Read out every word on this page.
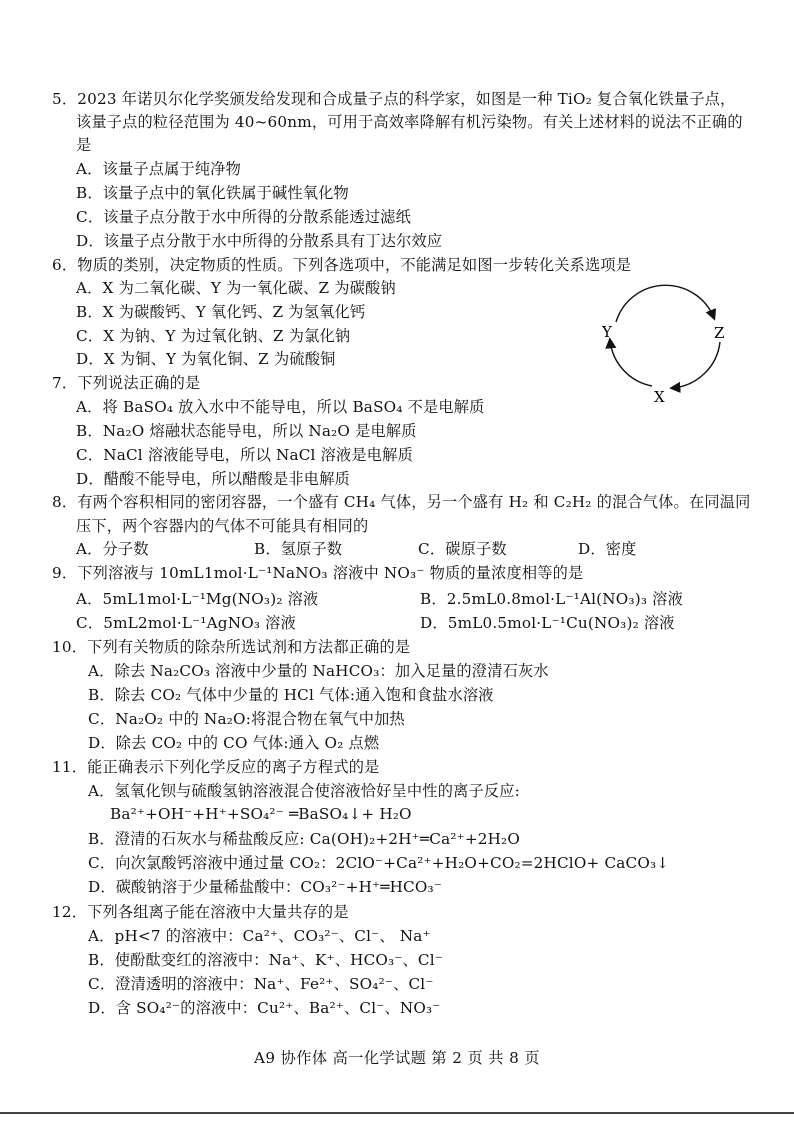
5．2023 年诺贝尔化学奖颁发给发现和合成量子点的科学家，如图是一种 TiO₂ 复合氧化铁量子点，
该量子点的粒径范围为 40~60nm，可用于高效率降解有机污染物。有关上述材料的说法不正确的
是
A．该量子点属于纯净物
B．该量子点中的氧化铁属于碱性氧化物
C．该量子点分散于水中所得的分散系能透过滤纸
D．该量子点分散于水中所得的分散系具有丁达尔效应
6．物质的类别，决定物质的性质。下列各选项中，不能满足如图一步转化关系选项是
A．X 为二氧化碳、Y 为一氧化碳、Z 为碳酸钠
B．X 为碳酸钙、Y 氧化钙、Z 为氢氧化钙
C．X 为钠、Y 为过氧化钠、Z 为氯化钠
D．X 为铜、Y 为氧化铜、Z 为硫酸铜
Y	Z
X
7．下列说法正确的是
A．将 BaSO₄ 放入水中不能导电，所以 BaSO₄ 不是电解质
B．Na₂O 熔融状态能导电，所以 Na₂O 是电解质
C．NaCl 溶液能导电，所以 NaCl 溶液是电解质
D．醋酸不能导电，所以醋酸是非电解质
8．有两个容积相同的密闭容器，一个盛有 CH₄ 气体，另一个盛有 H₂ 和 C₂H₂ 的混合气体。在同温同
压下，两个容器内的气体不可能具有相同的
A．分子数	B．氢原子数	C．碳原子数	D．密度
9．下列溶液与 10mL1mol·L⁻¹NaNO₃ 溶液中 NO₃⁻ 物质的量浓度相等的是
A．5mL1mol·L⁻¹Mg(NO₃)₂ 溶液	B．2.5mL0.8mol·L⁻¹Al(NO₃)₃ 溶液
C．5mL2mol·L⁻¹AgNO₃ 溶液	D．5mL0.5mol·L⁻¹Cu(NO₃)₂ 溶液
10．下列有关物质的除杂所选试剂和方法都正确的是
A．除去 Na₂CO₃ 溶液中少量的 NaHCO₃：加入足量的澄清石灰水
B．除去 CO₂ 气体中少量的 HCl 气体:通入饱和食盐水溶液
C．Na₂O₂ 中的 Na₂O:将混合物在氧气中加热
D．除去 CO₂ 中的 CO 气体:通入 O₂ 点燃
11．能正确表示下列化学反应的离子方程式的是
A．氢氧化钡与硫酸氢钠溶液混合使溶液恰好呈中性的离子反应:
Ba²⁺+OH⁻+H⁺+SO₄²⁻ ═BaSO₄↓+ H₂O
B．澄清的石灰水与稀盐酸反应: Ca(OH)₂+2H⁺═Ca²⁺+2H₂O
C．向次氯酸钙溶液中通过量 CO₂：2ClO⁻+Ca²⁺+H₂O+CO₂=2HClO+ CaCO₃↓
D．碳酸钠溶于少量稀盐酸中：CO₃²⁻+H⁺═HCO₃⁻
12．下列各组离子能在溶液中大量共存的是
A．pH<7 的溶液中：Ca²⁺、CO₃²⁻、Cl⁻、 Na⁺
B．使酚酞变红的溶液中：Na⁺、K⁺、HCO₃⁻、Cl⁻
C．澄清透明的溶液中：Na⁺、Fe²⁺、SO₄²⁻、Cl⁻
D．含 SO₄²⁻的溶液中：Cu²⁺、Ba²⁺、Cl⁻、NO₃⁻
A9 协作体 高一化学试题 第 2 页 共 8 页
